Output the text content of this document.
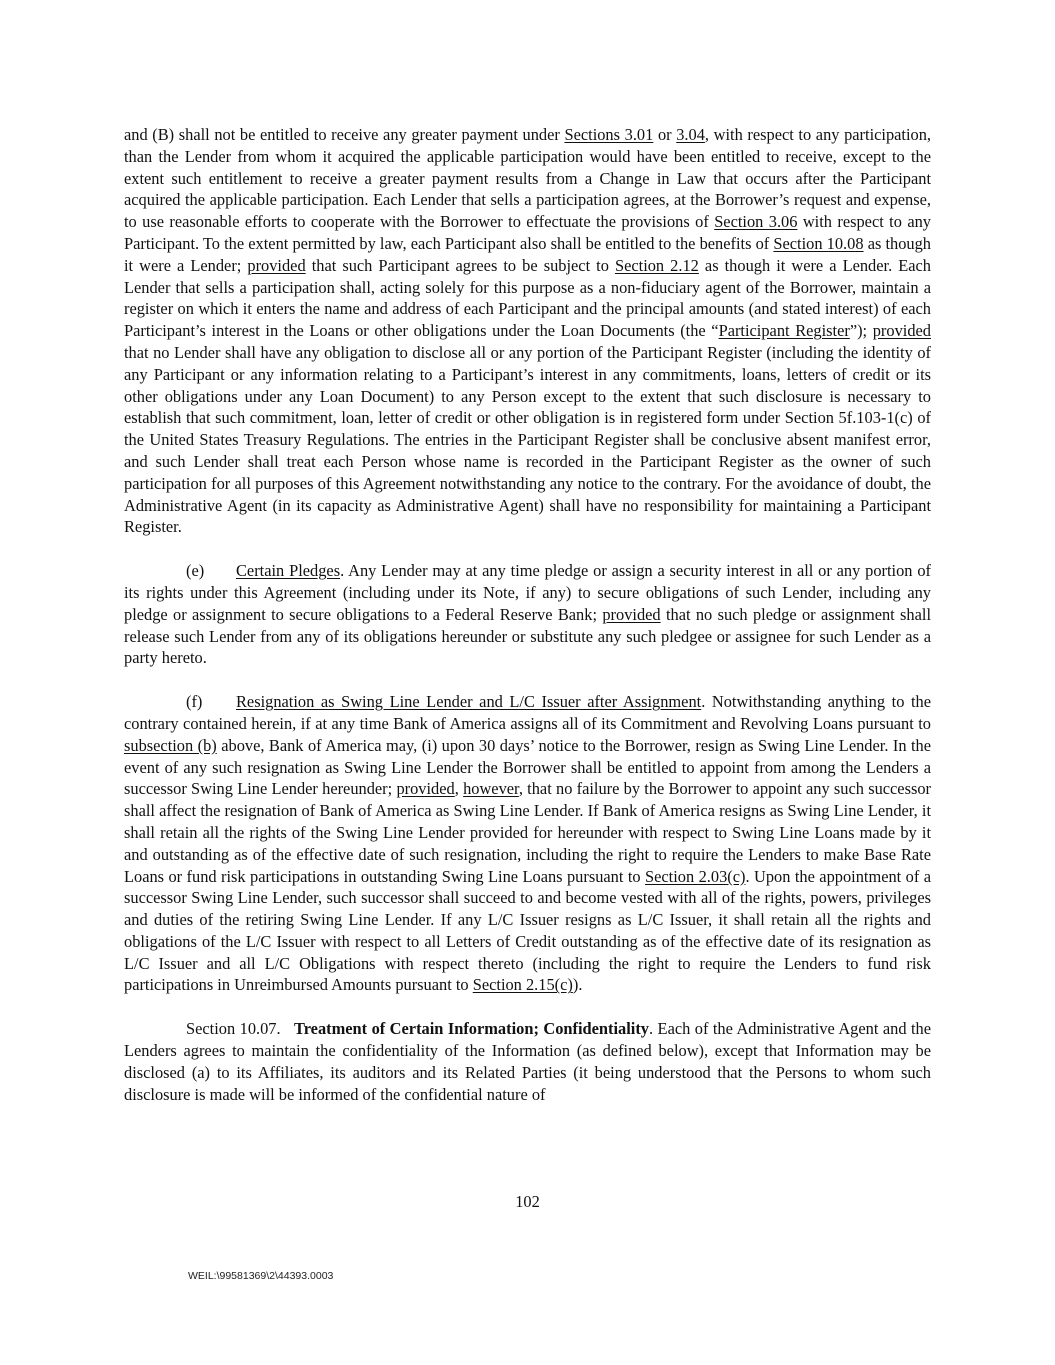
and (B) shall not be entitled to receive any greater payment under Sections 3.01 or 3.04, with respect to any participation, than the Lender from whom it acquired the applicable participation would have been entitled to receive, except to the extent such entitlement to receive a greater payment results from a Change in Law that occurs after the Participant acquired the applicable participation. Each Lender that sells a participation agrees, at the Borrower’s request and expense, to use reasonable efforts to cooperate with the Borrower to effectuate the provisions of Section 3.06 with respect to any Participant. To the extent permitted by law, each Participant also shall be entitled to the benefits of Section 10.08 as though it were a Lender; provided that such Participant agrees to be subject to Section 2.12 as though it were a Lender. Each Lender that sells a participation shall, acting solely for this purpose as a non-fiduciary agent of the Borrower, maintain a register on which it enters the name and address of each Participant and the principal amounts (and stated interest) of each Participant’s interest in the Loans or other obligations under the Loan Documents (the “Participant Register”); provided that no Lender shall have any obligation to disclose all or any portion of the Participant Register (including the identity of any Participant or any information relating to a Participant’s interest in any commitments, loans, letters of credit or its other obligations under any Loan Document) to any Person except to the extent that such disclosure is necessary to establish that such commitment, loan, letter of credit or other obligation is in registered form under Section 5f.103-1(c) of the United States Treasury Regulations. The entries in the Participant Register shall be conclusive absent manifest error, and such Lender shall treat each Person whose name is recorded in the Participant Register as the owner of such participation for all purposes of this Agreement notwithstanding any notice to the contrary. For the avoidance of doubt, the Administrative Agent (in its capacity as Administrative Agent) shall have no responsibility for maintaining a Participant Register.

(e) Certain Pledges. Any Lender may at any time pledge or assign a security interest in all or any portion of its rights under this Agreement (including under its Note, if any) to secure obligations of such Lender, including any pledge or assignment to secure obligations to a Federal Reserve Bank; provided that no such pledge or assignment shall release such Lender from any of its obligations hereunder or substitute any such pledgee or assignee for such Lender as a party hereto.

(f) Resignation as Swing Line Lender and L/C Issuer after Assignment. Notwithstanding anything to the contrary contained herein, if at any time Bank of America assigns all of its Commitment and Revolving Loans pursuant to subsection (b) above, Bank of America may, (i) upon 30 days’ notice to the Borrower, resign as Swing Line Lender. In the event of any such resignation as Swing Line Lender the Borrower shall be entitled to appoint from among the Lenders a successor Swing Line Lender hereunder; provided, however, that no failure by the Borrower to appoint any such successor shall affect the resignation of Bank of America as Swing Line Lender. If Bank of America resigns as Swing Line Lender, it shall retain all the rights of the Swing Line Lender provided for hereunder with respect to Swing Line Loans made by it and outstanding as of the effective date of such resignation, including the right to require the Lenders to make Base Rate Loans or fund risk participations in outstanding Swing Line Loans pursuant to Section 2.03(c). Upon the appointment of a successor Swing Line Lender, such successor shall succeed to and become vested with all of the rights, powers, privileges and duties of the retiring Swing Line Lender. If any L/C Issuer resigns as L/C Issuer, it shall retain all the rights and obligations of the L/C Issuer with respect to all Letters of Credit outstanding as of the effective date of its resignation as L/C Issuer and all L/C Obligations with respect thereto (including the right to require the Lenders to fund risk participations in Unreimbursed Amounts pursuant to Section 2.15(c)).

Section 10.07. Treatment of Certain Information; Confidentiality. Each of the Administrative Agent and the Lenders agrees to maintain the confidentiality of the Information (as defined below), except that Information may be disclosed (a) to its Affiliates, its auditors and its Related Parties (it being understood that the Persons to whom such disclosure is made will be informed of the confidential nature of

102
WEIL:\99581369\2\44393.0003
